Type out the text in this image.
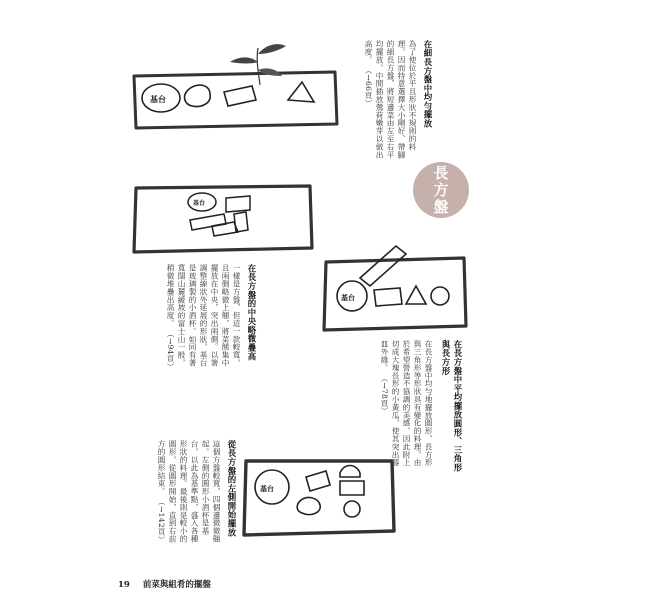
基台	在細長方盤中均勻擺放
為了使位於平且形狀不規則的料理，因而特意選擇大小剛好、帶腳的細長方盤，將短邊菜由左至右平均擺放，中間插放鶯荷嫩芽以做出高度。 （→66頁）
長方盤
基台
在長方盤的中央略微疊高
一樣是方盤，但這一款較寬，且兩側略微上翹，將菜餚集中擺放在中央，突出兩側。以箸調整線狀外延展的形狀，基台是玻璃製的小酒杯。如同有著寬闊山麓緩坡的富士山一般，稍微堆疊出高度。 （→94頁）
基台
在長方盤中平均擺放圓形、三角形與長方形
在長方盤中均勻地擺放圓形、長方形與三角形等形狀具有變化的料理，由於希望營造不協調的美感，因此附上切成大塊長形的小黃瓜，使其突出器皿外緣。 （→78頁）
基台
從長方盤的左側開始擺放
這個方盤較寬，四個邊微微翹起。左側的圓形小酒杯是基台，以此為基準點，盛入各種形狀的料理。最後則是較小的圓形，從圓形開始，直到右前方的圓形結束。 （→142頁）
19 前菜與組肴的擺盤
